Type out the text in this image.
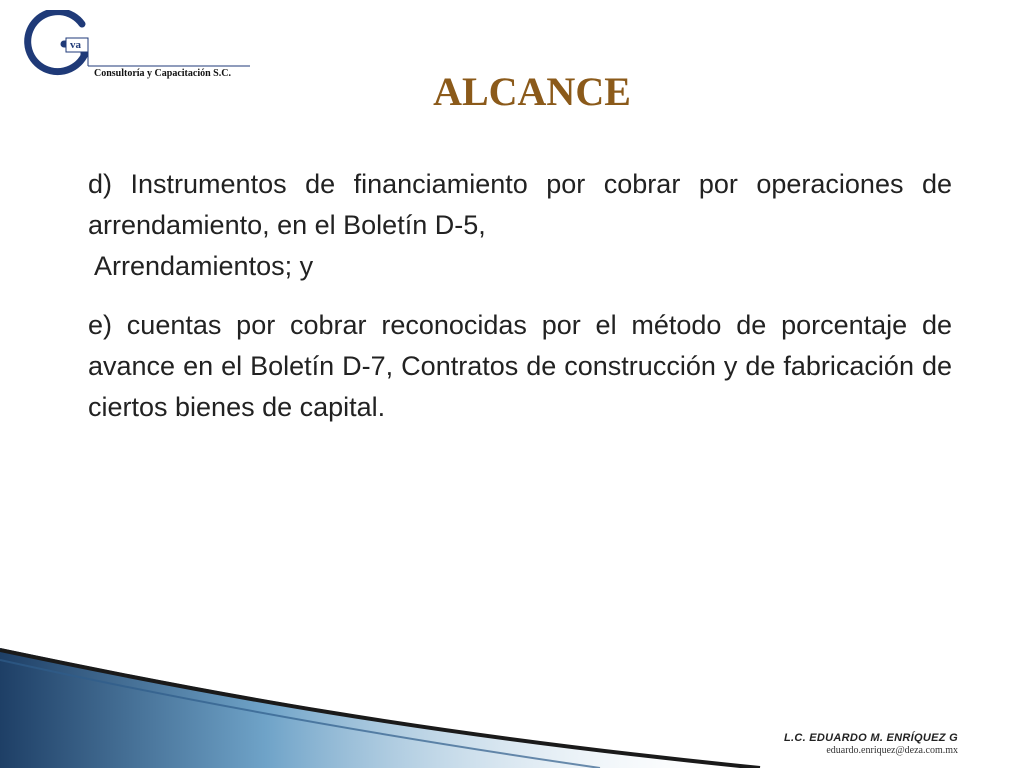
va
Consultoría y Capacitación S.C.	ALCANCE

d) Instrumentos de financiamiento por cobrar por operaciones de arrendamiento, en el Boletín D-5,

Arrendamientos; y

e) cuentas por cobrar reconocidas por el método de porcentaje de avance en el Boletín D-7, Contratos de construcción y de fabricación de ciertos bienes de capital.

L.C. EDUARDO M. ENRÍQUEZ G
eduardo.enriquez@deza.com.mx
